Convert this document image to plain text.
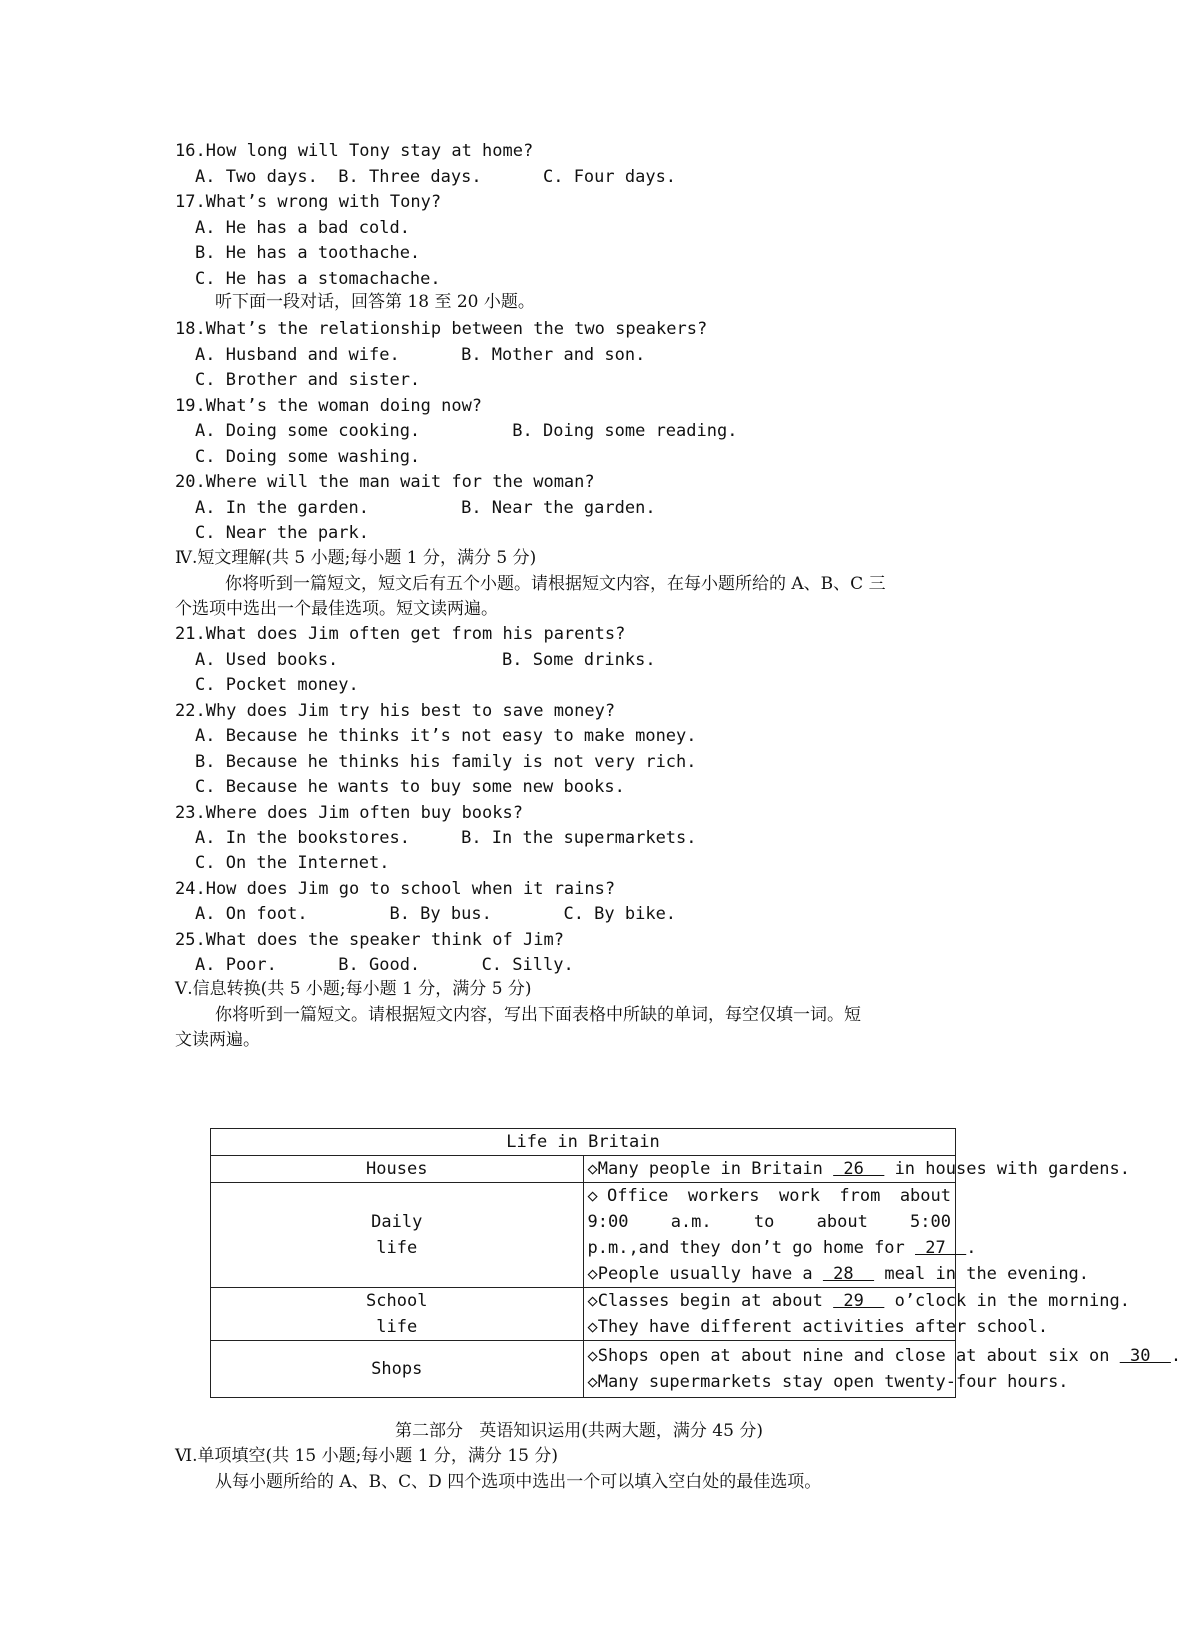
16.How long will Tony stay at home?
A. Two days.  B. Three days.      C. Four days.
17.What’s wrong with Tony?
A. He has a bad cold.
B. He has a toothache.
C. He has a stomachache.
听下面一段对话，回答第 18 至 20 小题。
18.What’s the relationship between the two speakers?
A. Husband and wife.      B. Mother and son.
C. Brother and sister.
19.What’s the woman doing now?
A. Doing some cooking.         B. Doing some reading.
C. Doing some washing.
20.Where will the man wait for the woman?
A. In the garden.         B. Near the garden.
C. Near the park.
Ⅳ.短文理解(共 5 小题;每小题 1 分，满分 5 分)
你将听到一篇短文，短文后有五个小题。请根据短文内容，在每小题所给的 A、B、C 三
个选项中选出一个最佳选项。短文读两遍。
21.What does Jim often get from his parents?
A. Used books.                B. Some drinks.
C. Pocket money.
22.Why does Jim try his best to save money?
A. Because he thinks it’s not easy to make money.
B. Because he thinks his family is not very rich.
C. Because he wants to buy some new books.
23.Where does Jim often buy books?
A. In the bookstores.     B. In the supermarkets.
C. On the Internet.
24.How does Jim go to school when it rains?
A. On foot.        B. By bus.       C. By bike.
25.What does the speaker think of Jim?
A. Poor.      B. Good.      C. Silly.
Ⅴ.信息转换(共 5 小题;每小题 1 分，满分 5 分)
你将听到一篇短文。请根据短文内容，写出下面表格中所缺的单词，每空仅填一词。短
文读两遍。
Life in Britain	
Houses	◇Many people in Britain  26   in houses with gardens.

Daily
life	◇Office workers work from about 9:00 a.m. to about 5:00
p.m.,and they don’t go home for  27  .
◇People usually have a  28   meal in the evening.

School
life	◇Classes begin at about  29   o’clock in the morning.
◇They have different activities after school.

Shops	◇Shops open at about nine and close at about six on  30  .
◇Many supermarkets stay open twenty-four hours.
第二部分   英语知识运用(共两大题，满分 45 分)
Ⅵ.单项填空(共 15 小题;每小题 1 分，满分 15 分)
从每小题所给的 A、B、C、D 四个选项中选出一个可以填入空白处的最佳选项。
